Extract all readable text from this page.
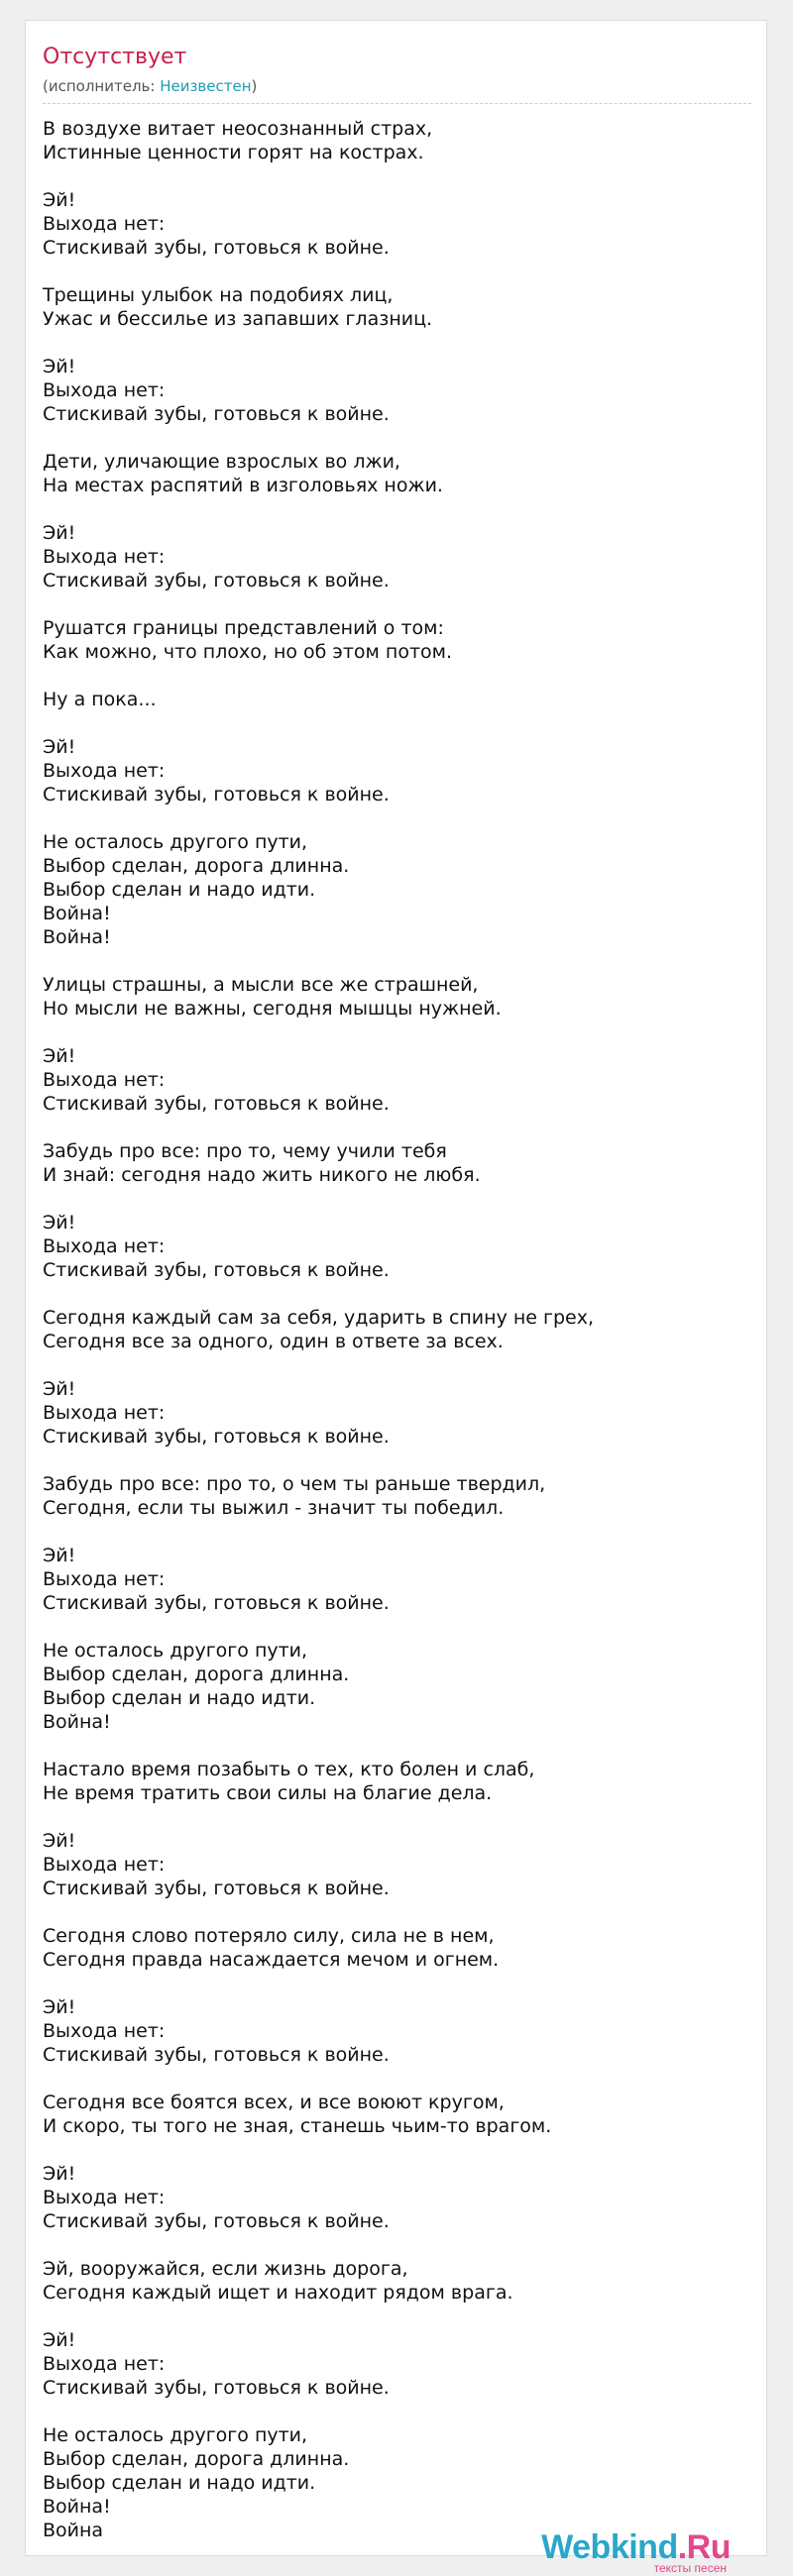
Отсутствует
(исполнитель: Неизвестен)
В воздухе витает неосознанный страх,
Истинные ценности горят на кострах.
Эй!
Выхода нет:
Стискивай зубы, готовься к войне.
Трещины улыбок на подобиях лиц,
Ужас и бессилье из запавших глазниц.
Эй!
Выхода нет:
Стискивай зубы, готовься к войне.
Дети, уличающие взрослых во лжи,
На местах распятий в изголовьях ножи.
Эй!
Выхода нет:
Стискивай зубы, готовься к войне.
Рушатся границы представлений о том:
Как можно, что плохо, но об этом потом.
Ну а пока...
Эй!
Выхода нет:
Стискивай зубы, готовься к войне.
Не осталось другого пути,
Выбор сделан, дорога длинна.
Выбор сделан и надо идти.
Война!
Война!
Улицы страшны, а мысли все же страшней,
Но мысли не важны, сегодня мышцы нужней.
Эй!
Выхода нет:
Стискивай зубы, готовься к войне.
Забудь про все: про то, чему учили тебя
И знай: сегодня надо жить никого не любя.
Эй!
Выхода нет:
Стискивай зубы, готовься к войне.
Сегодня каждый сам за себя, ударить в спину не грех,
Сегодня все за одного, один в ответе за всех.
Эй!
Выхода нет:
Стискивай зубы, готовься к войне.
Забудь про все: про то, о чем ты раньше твердил,
Сегодня, если ты выжил - значит ты победил.
Эй!
Выхода нет:
Стискивай зубы, готовься к войне.
Не осталось другого пути,
Выбор сделан, дорога длинна.
Выбор сделан и надо идти.
Война!
Настало время позабыть о тех, кто болен и слаб,
Не время тратить свои силы на благие дела.
Эй!
Выхода нет:
Стискивай зубы, готовься к войне.
Сегодня слово потеряло силу, сила не в нем,
Сегодня правда насаждается мечом и огнем.
Эй!
Выхода нет:
Стискивай зубы, готовься к войне.
Сегодня все боятся всех, и все воюют кругом,
И скоро, ты того не зная, станешь чьим-то врагом.
Эй!
Выхода нет:
Стискивай зубы, готовься к войне.
Эй, вооружайся, если жизнь дорога,
Сегодня каждый ищет и находит рядом врага.
Эй!
Выхода нет:
Стискивай зубы, готовься к войне.
Не осталось другого пути,
Выбор сделан, дорога длинна.
Выбор сделан и надо идти.
Война!
Война	Webkind.Ru
тексты песен
